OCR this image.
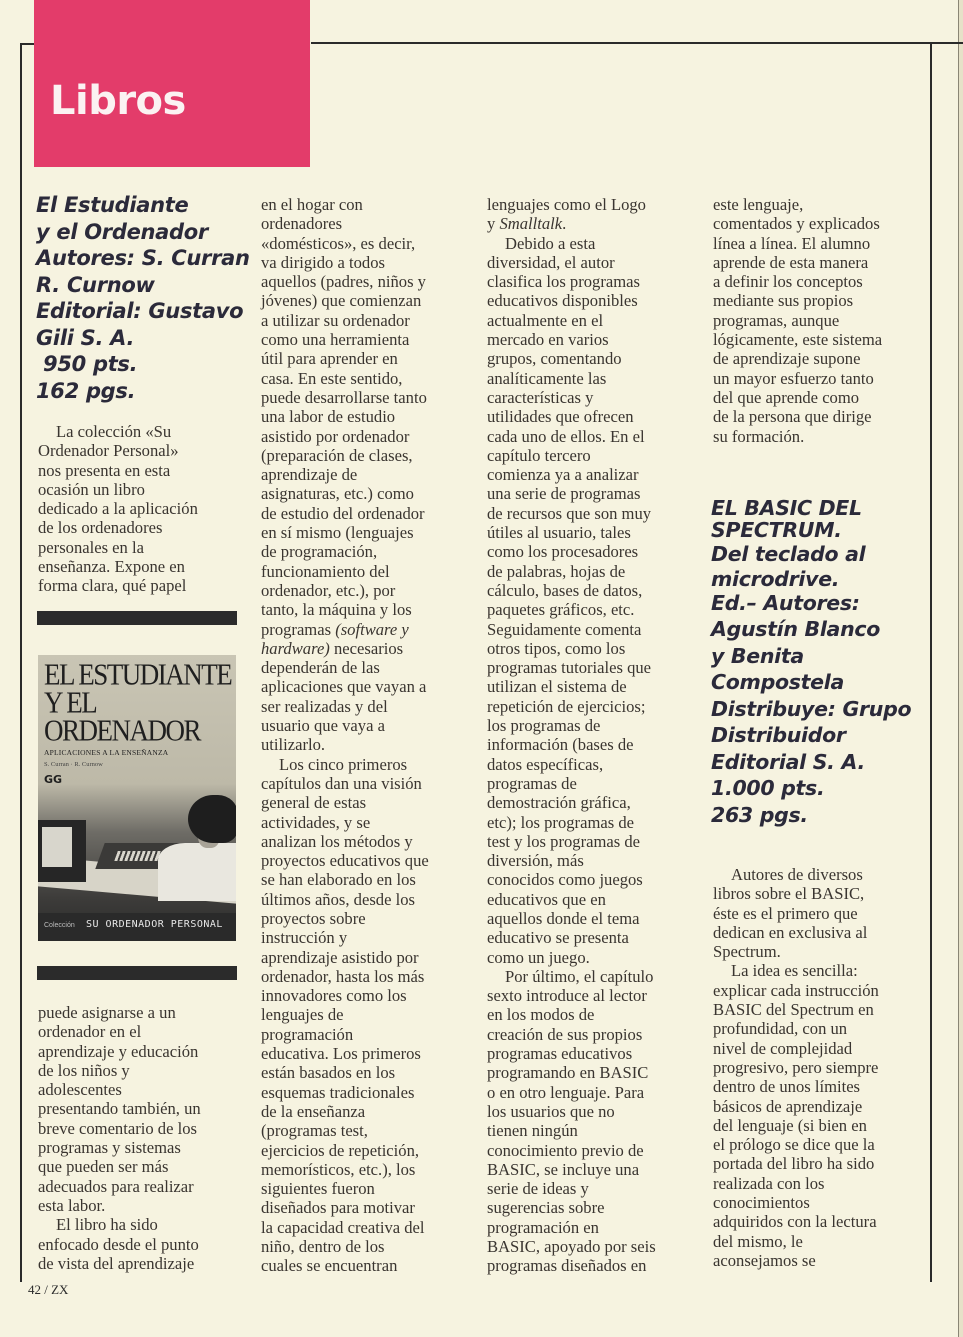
Libros
El Estudiante
y el Ordenador
Autores: S. Curran
R. Curnow
Editorial: Gustavo
Gili S. A.
950 pts.
162 pgs.
La colección «Su
Ordenador Personal»
nos presenta en esta
ocasión un libro
dedicado a la aplicación
de los ordenadores
personales en la
enseñanza. Expone en
forma clara, qué papel
EL ESTUDIANTE
Y EL
ORDENADOR
APLICACIONES A LA ENSEÑANZA
S. Curran · R. Curnow
GG
Colección SU ORDENADOR PERSONAL
puede asignarse a un
ordenador en el
aprendizaje y educación
de los niños y
adolescentes
presentando también, un
breve comentario de los
programas y sistemas
que pueden ser más
adecuados para realizar
esta labor.
El libro ha sido
enfocado desde el punto
de vista del aprendizaje
en el hogar con
ordenadores
«domésticos», es decir,
va dirigido a todos
aquellos (padres, niños y
jóvenes) que comienzan
a utilizar su ordenador
como una herramienta
útil para aprender en
casa. En este sentido,
puede desarrollarse tanto
una labor de estudio
asistido por ordenador
(preparación de clases,
aprendizaje de
asignaturas, etc.) como
de estudio del ordenador
en sí mismo (lenguajes
de programación,
funcionamiento del
ordenador, etc.), por
tanto, la máquina y los
programas (software y
hardware) necesarios
dependerán de las
aplicaciones que vayan a
ser realizadas y del
usuario que vaya a
utilizarlo.
Los cinco primeros
capítulos dan una visión
general de estas
actividades, y se
analizan los métodos y
proyectos educativos que
se han elaborado en los
últimos años, desde los
proyectos sobre
instrucción y
aprendizaje asistido por
ordenador, hasta los más
innovadores como los
lenguajes de
programación
educativa. Los primeros
están basados en los
esquemas tradicionales
de la enseñanza
(programas test,
ejercicios de repetición,
memorísticos, etc.), los
siguientes fueron
diseñados para motivar
la capacidad creativa del
niño, dentro de los
cuales se encuentran
lenguajes como el Logo
y Smalltalk.
Debido a esta
diversidad, el autor
clasifica los programas
educativos disponibles
actualmente en el
mercado en varios
grupos, comentando
analíticamente las
características y
utilidades que ofrecen
cada uno de ellos. En el
capítulo tercero
comienza ya a analizar
una serie de programas
de recursos que son muy
útiles al usuario, tales
como los procesadores
de palabras, hojas de
cálculo, bases de datos,
paquetes gráficos, etc.
Seguidamente comenta
otros tipos, como los
programas tutoriales que
utilizan el sistema de
repetición de ejercicios;
los programas de
información (bases de
datos específicas,
programas de
demostración gráfica,
etc); los programas de
test y los programas de
diversión, más
conocidos como juegos
educativos que en
aquellos donde el tema
educativo se presenta
como un juego.
Por último, el capítulo
sexto introduce al lector
en los modos de
creación de sus propios
programas educativos
programando en BASIC
o en otro lenguaje. Para
los usuarios que no
tienen ningún
conocimiento previo de
BASIC, se incluye una
serie de ideas y
sugerencias sobre
programación en
BASIC, apoyado por seis
programas diseñados en
este lenguaje,
comentados y explicados
línea a línea. El alumno
aprende de esta manera
a definir los conceptos
mediante sus propios
programas, aunque
lógicamente, este sistema
de aprendizaje supone
un mayor esfuerzo tanto
del que aprende como
de la persona que dirige
su formación.
EL BASIC DEL
SPECTRUM.
Del teclado al
microdrive.
Ed.– Autores:
Agustín Blanco
y Benita
Compostela
Distribuye: Grupo
Distribuidor
Editorial S. A.
1.000 pts.
263 pgs.
Autores de diversos
libros sobre el BASIC,
éste es el primero que
dedican en exclusiva al
Spectrum.
La idea es sencilla:
explicar cada instrucción
BASIC del Spectrum en
profundidad, con un
nivel de complejidad
progresivo, pero siempre
dentro de unos límites
básicos de aprendizaje
del lenguaje (si bien en
el prólogo se dice que la
portada del libro ha sido
realizada con los
conocimientos
adquiridos con la lectura
del mismo, le
aconsejamos se
42 / ZX
